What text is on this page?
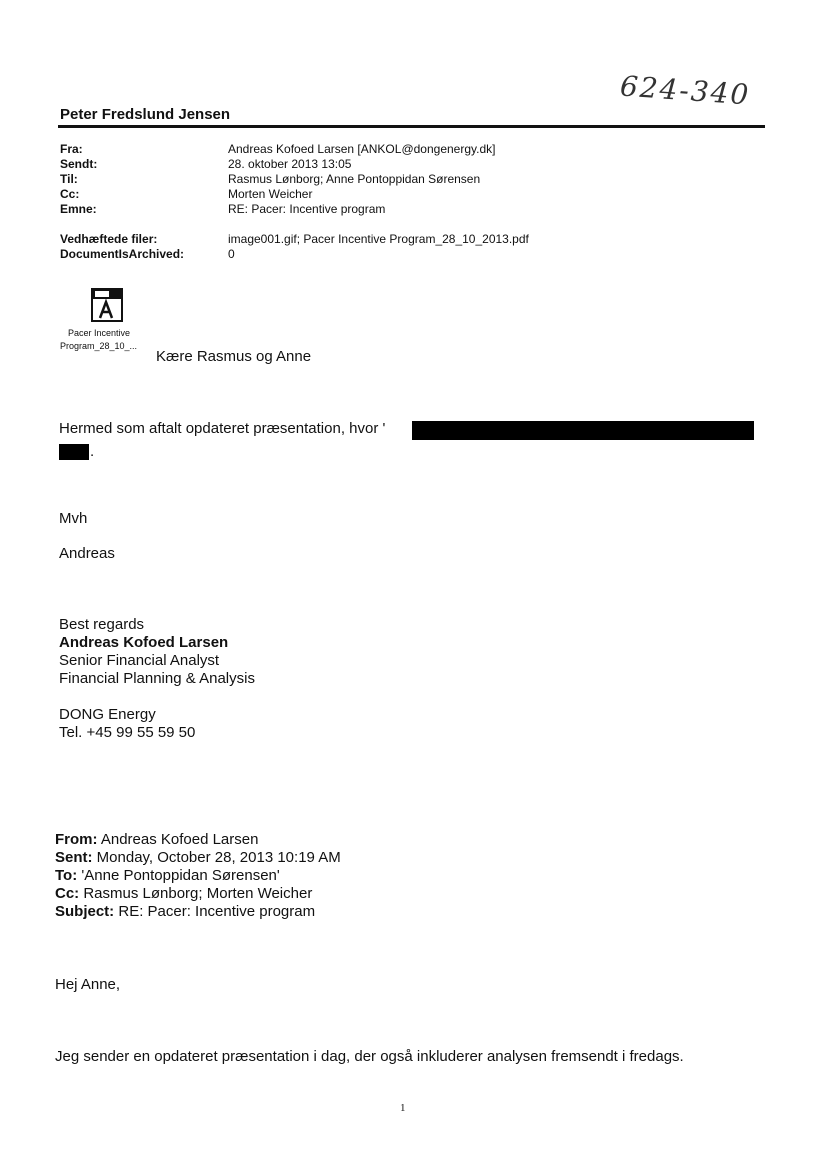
624-340
Peter Fredslund Jensen
Fra:	Andreas Kofoed Larsen [ANKOL@dongenergy.dk]
Sendt:	28. oktober 2013 13:05
Til:	Rasmus Lønborg; Anne Pontoppidan Sørensen
Cc:	Morten Weicher
Emne:	RE: Pacer: Incentive program
Vedhæftede filer:	image001.gif; Pacer Incentive Program_28_10_2013.pdf
DocumentIsArchived:	0
Pacer Incentive
Program_28_10_...
Kære Rasmus og Anne
Hermed som aftalt opdateret præsentation, hvor '
.
Mvh
Andreas
Best regards
Andreas Kofoed Larsen
Senior Financial Analyst
Financial Planning & Analysis
DONG Energy
Tel. +45 99 55 59 50
From: Andreas Kofoed Larsen
Sent: Monday, October 28, 2013 10:19 AM
To: 'Anne Pontoppidan Sørensen'
Cc: Rasmus Lønborg; Morten Weicher
Subject: RE: Pacer: Incentive program
Hej Anne,
Jeg sender en opdateret præsentation i dag, der også inkluderer analysen fremsendt i fredags.
1
